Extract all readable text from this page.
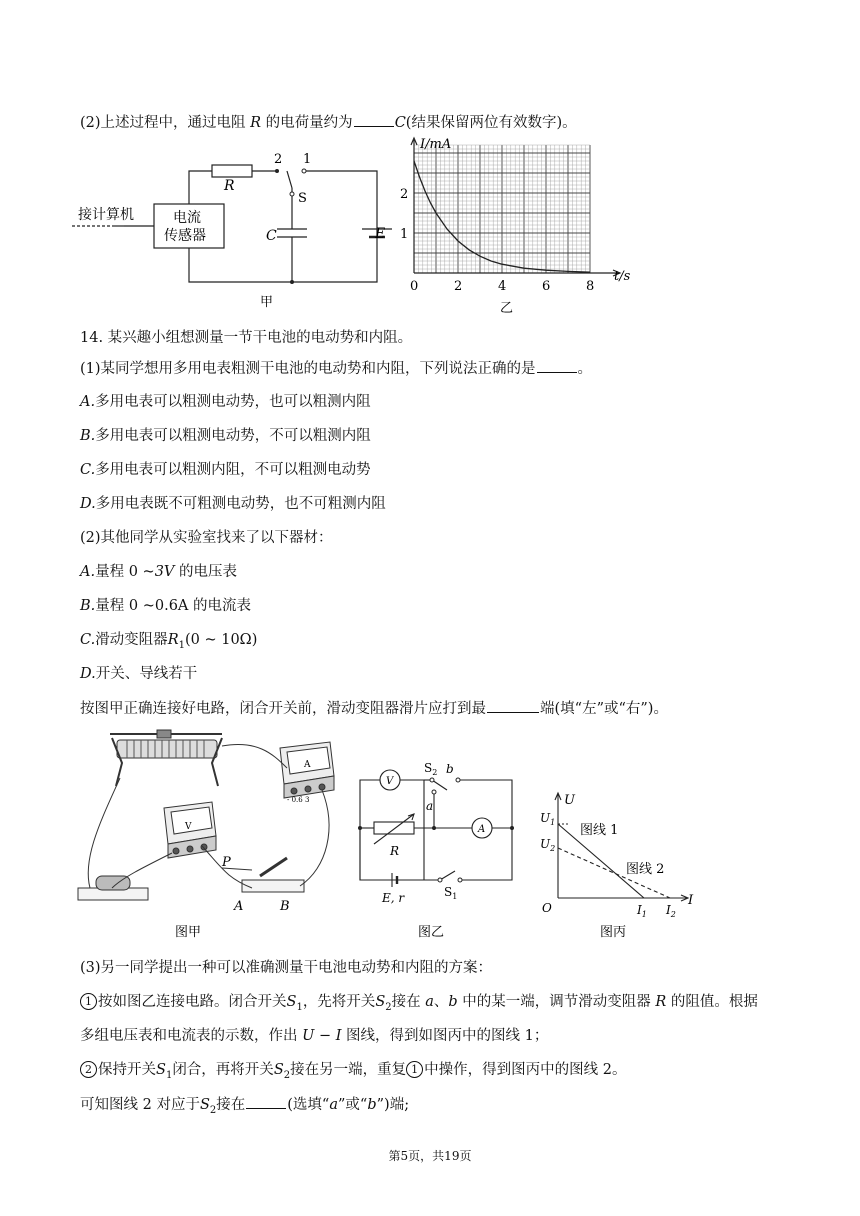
(2)上述过程中，通过电阻 R 的电荷量约为	C(结果保留两位有效数字)。
接计算机	电流
传感器
R
2 1
S
C	E
甲
I/mA
t/s
0	2	4	6	8
1
2
乙
14. 某兴趣小组想测量一节干电池的电动势和内阻。
(1)某同学想用多用电表粗测干电池的电动势和内阻，下列说法正确的是	。
A.多用电表可以粗测电动势，也可以粗测内阻
B.多用电表可以粗测电动势，不可以粗测内阻
C.多用电表可以粗测内阻，不可以粗测电动势
D.多用电表既不可粗测电动势，也不可粗测内阻
(2)其他同学从实验室找来了以下器材：
A.量程 0 ~3V 的电压表
B.量程 0 ~0.6A 的电流表
C.滑动变阻器$R_1(0$ ~ 10Ω)
D.开关、导线若干
按图甲正确连接好电路，闭合开关前，滑动变阻器滑片应打到最	端(填“左”或“右”)。
V
A
- 0.6 3
P
A	B
图甲
V
A
$S_2$ b
a
R
E, r	$S_1$
图乙
U
I
O
$U_1$
$U_2$
$I_1$ $I_2$
图线 1
图线 2
图丙
(3)另一同学提出一种可以准确测量干电池电动势和内阻的方案：
1 按如图乙连接电路。闭合开关$S_1$，先将开关$S_2$接在 a、b 中的某一端，调节滑动变阻器 R 的阻值。根据
多组电压表和电流表的示数，作出 U − I 图线，得到如图丙中的图线 1；
2 保持开关$S_1$闭合，再将开关$S_2$接在另一端，重复 1 中操作，得到图丙中的图线 2。
可知图线 2 对应于$S_2$接在	(选填“a”或“b”)端;
第5页，共19页
